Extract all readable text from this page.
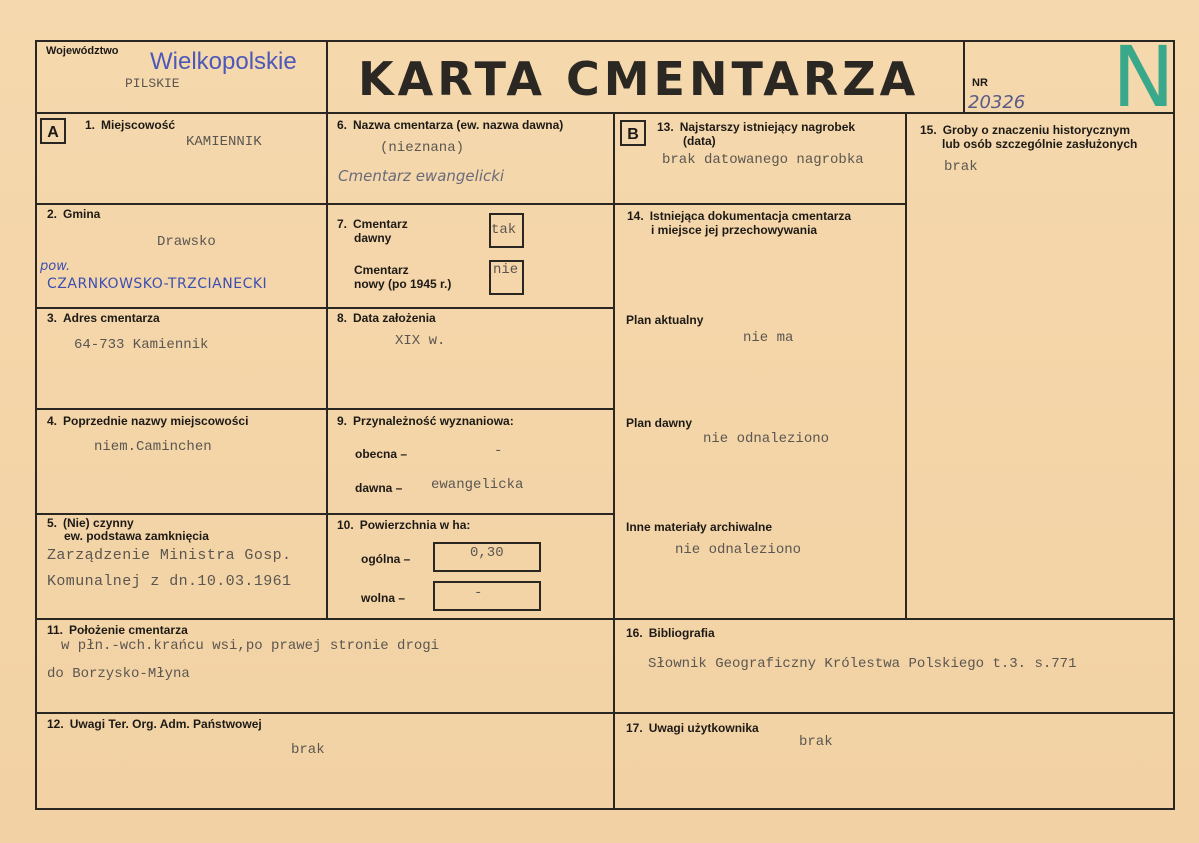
Województwo Wielkopolskie
PILSKIE	KARTA CMENTARZA	NR
20326 N
A	1. Miejscowość
KAMIENNIK
2. Gmina
Drawsko
pow.
CZARNKOWSKO-TRZCIANECKI
3. Adres cmentarza
64-733 Kamiennik
4. Poprzednie nazwy miejscowości
niem.Caminchen
5. (Nie) czynny
ew. podstawa zamknięcia
Zarządzenie Ministra Gosp.
Komunalnej z dn.10.03.1961
6. Nazwa cmentarza (ew. nazwa dawna)
(nieznana)
Cmentarz ewangelicki
7. Cmentarz
dawny	tak
Cmentarz
nowy (po 1945 r.)
nie
8. Data założenia
XIX w.
9. Przynależność wyznaniowa:
obecna –	-
dawna – ewangelicka
10. Powierzchnia w ha:
ogólna –	0,30
wolna –	-
11. Położenie cmentarza
w płn.-wch.krańcu wsi,po prawej stronie drogi
do Borzysko-Młyna
12. Uwagi Ter. Org. Adm. Państwowej
brak
B	13. Najstarszy istniejący nagrobek
(data)
brak datowanego nagrobka
14. Istniejąca dokumentacja cmentarza
i miejsce jej przechowywania
Plan aktualny
nie ma
Plan dawny
nie odnaleziono
Inne materiały archiwalne
nie odnaleziono
15. Groby o znaczeniu historycznym
lub osób szczególnie zasłużonych
brak
16. Bibliografia
Słownik Geograficzny Królestwa Polskiego t.3. s.771
17. Uwagi użytkownika
brak
